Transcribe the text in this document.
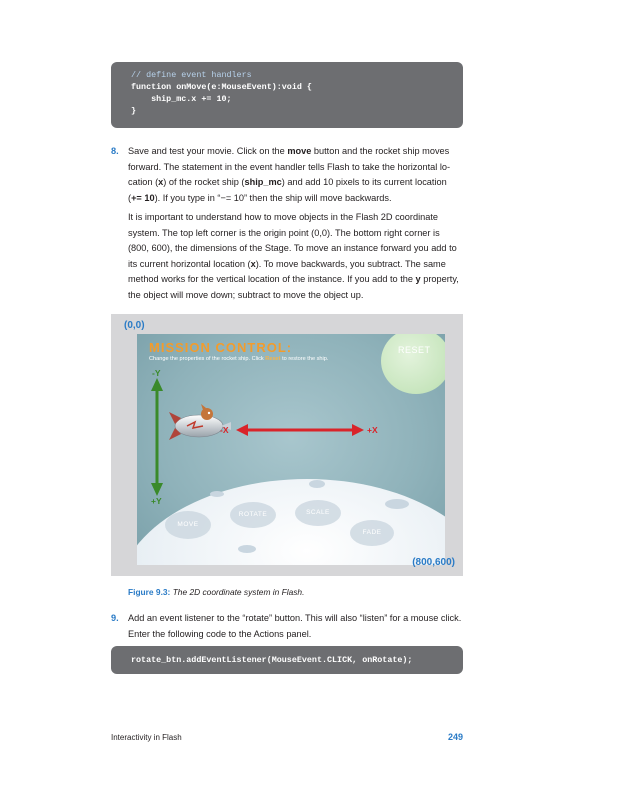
// define event handlers
function onMove(e:MouseEvent):void {
ship_mc.x += 10;
}
8. Save and test your movie. Click on the move button and the rocket ship moves forward. The statement in the event handler tells Flash to take the horizontal lo-cation (x) of the rocket ship (ship_mc) and add 10 pixels to its current location (+= 10). If you type in “−= 10” then the ship will move backwards.
It is important to understand how to move objects in the Flash 2D coordinate system. The top left corner is the origin point (0,0). The bottom right corner is (800, 600), the dimensions of the Stage. To move an instance forward you add to its current horizontal location (x). To move backwards, you subtract. The same method works for the vertical location of the instance. If you add to the y property, the object will move down; subtract to move the object up.
(0,0)
RESET
MISSION CONTROL:
Change the properties of the rocket ship. Click Reset to restore the ship.
-Y
+Y
-X	+X
MOVE
ROTATE	SCALE
FADE
(800,600)
Figure 9.3: The 2D coordinate system in Flash.
9. Add an event listener to the “rotate” button. This will also “listen” for a mouse click. Enter the following code to the Actions panel.
rotate_btn.addEventListener(MouseEvent.CLICK, onRotate);
Interactivity in Flash	249
